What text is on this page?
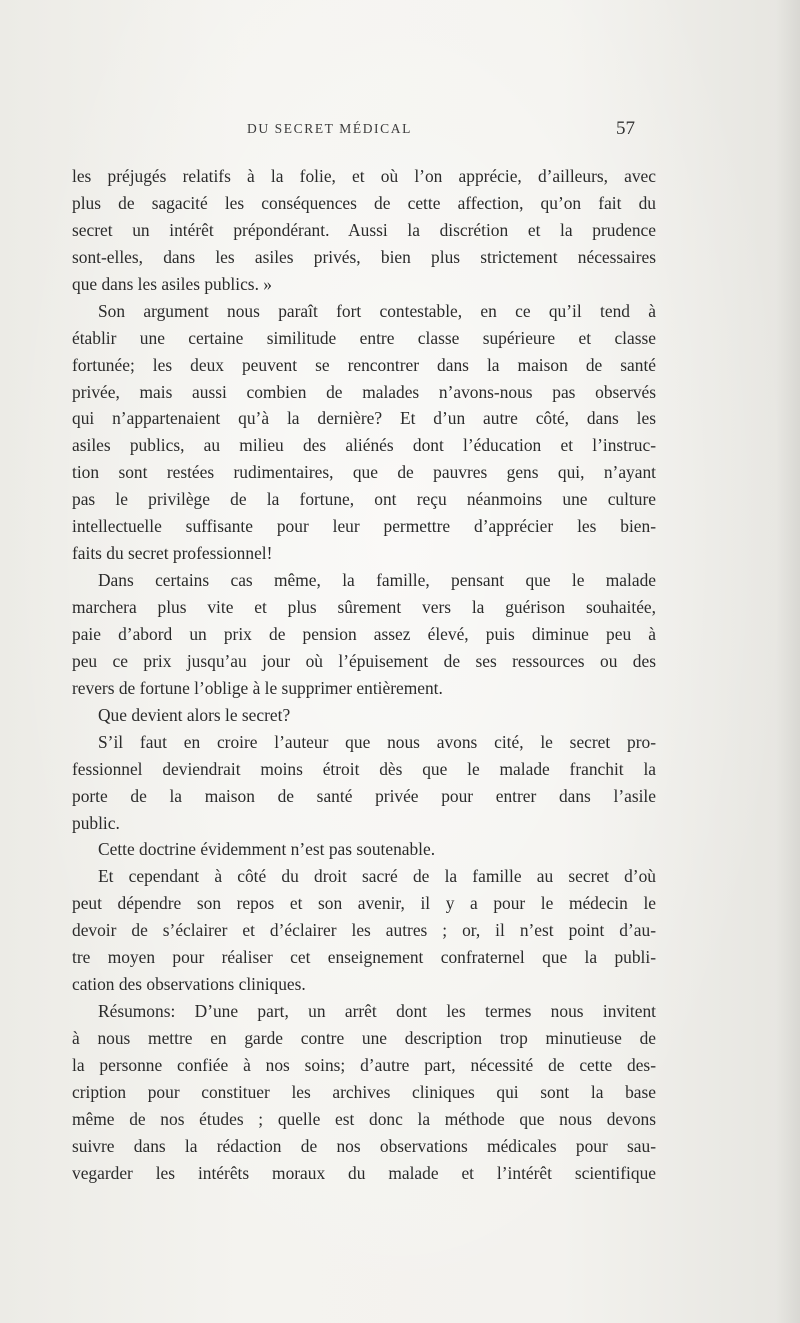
DU SECRET MÉDICAL	57
les préjugés relatifs à la folie, et où l’on apprécie, d’ailleurs, avec
plus de sagacité les conséquences de cette affection, qu’on fait du
secret un intérêt prépondérant. Aussi la discrétion et la prudence
sont-elles, dans les asiles privés, bien plus strictement nécessaires
que dans les asiles publics. »
Son argument nous paraît fort contestable, en ce qu’il tend à
établir une certaine similitude entre classe supérieure et classe
fortunée; les deux peuvent se rencontrer dans la maison de santé
privée, mais aussi combien de malades n’avons-nous pas observés
qui n’appartenaient qu’à la dernière? Et d’un autre côté, dans les
asiles publics, au milieu des aliénés dont l’éducation et l’instruc-
tion sont restées rudimentaires, que de pauvres gens qui, n’ayant
pas le privilège de la fortune, ont reçu néanmoins une culture
intellectuelle suffisante pour leur permettre d’apprécier les bien-
faits du secret professionnel!
Dans certains cas même, la famille, pensant que le malade
marchera plus vite et plus sûrement vers la guérison souhaitée,
paie d’abord un prix de pension assez élevé, puis diminue peu à
peu ce prix jusqu’au jour où l’épuisement de ses ressources ou des
revers de fortune l’oblige à le supprimer entièrement.
Que devient alors le secret?
S’il faut en croire l’auteur que nous avons cité, le secret pro-
fessionnel deviendrait moins étroit dès que le malade franchit la
porte de la maison de santé privée pour entrer dans l’asile
public.
Cette doctrine évidemment n’est pas soutenable.
Et cependant à côté du droit sacré de la famille au secret d’où
peut dépendre son repos et son avenir, il y a pour le médecin le
devoir de s’éclairer et d’éclairer les autres ; or, il n’est point d’au-
tre moyen pour réaliser cet enseignement confraternel que la publi-
cation des observations cliniques.
Résumons: D’une part, un arrêt dont les termes nous invitent
à nous mettre en garde contre une description trop minutieuse de
la personne confiée à nos soins; d’autre part, nécessité de cette des-
cription pour constituer les archives cliniques qui sont la base
même de nos études ; quelle est donc la méthode que nous devons
suivre dans la rédaction de nos observations médicales pour sau-
vegarder les intérêts moraux du malade et l’intérêt scientifique
